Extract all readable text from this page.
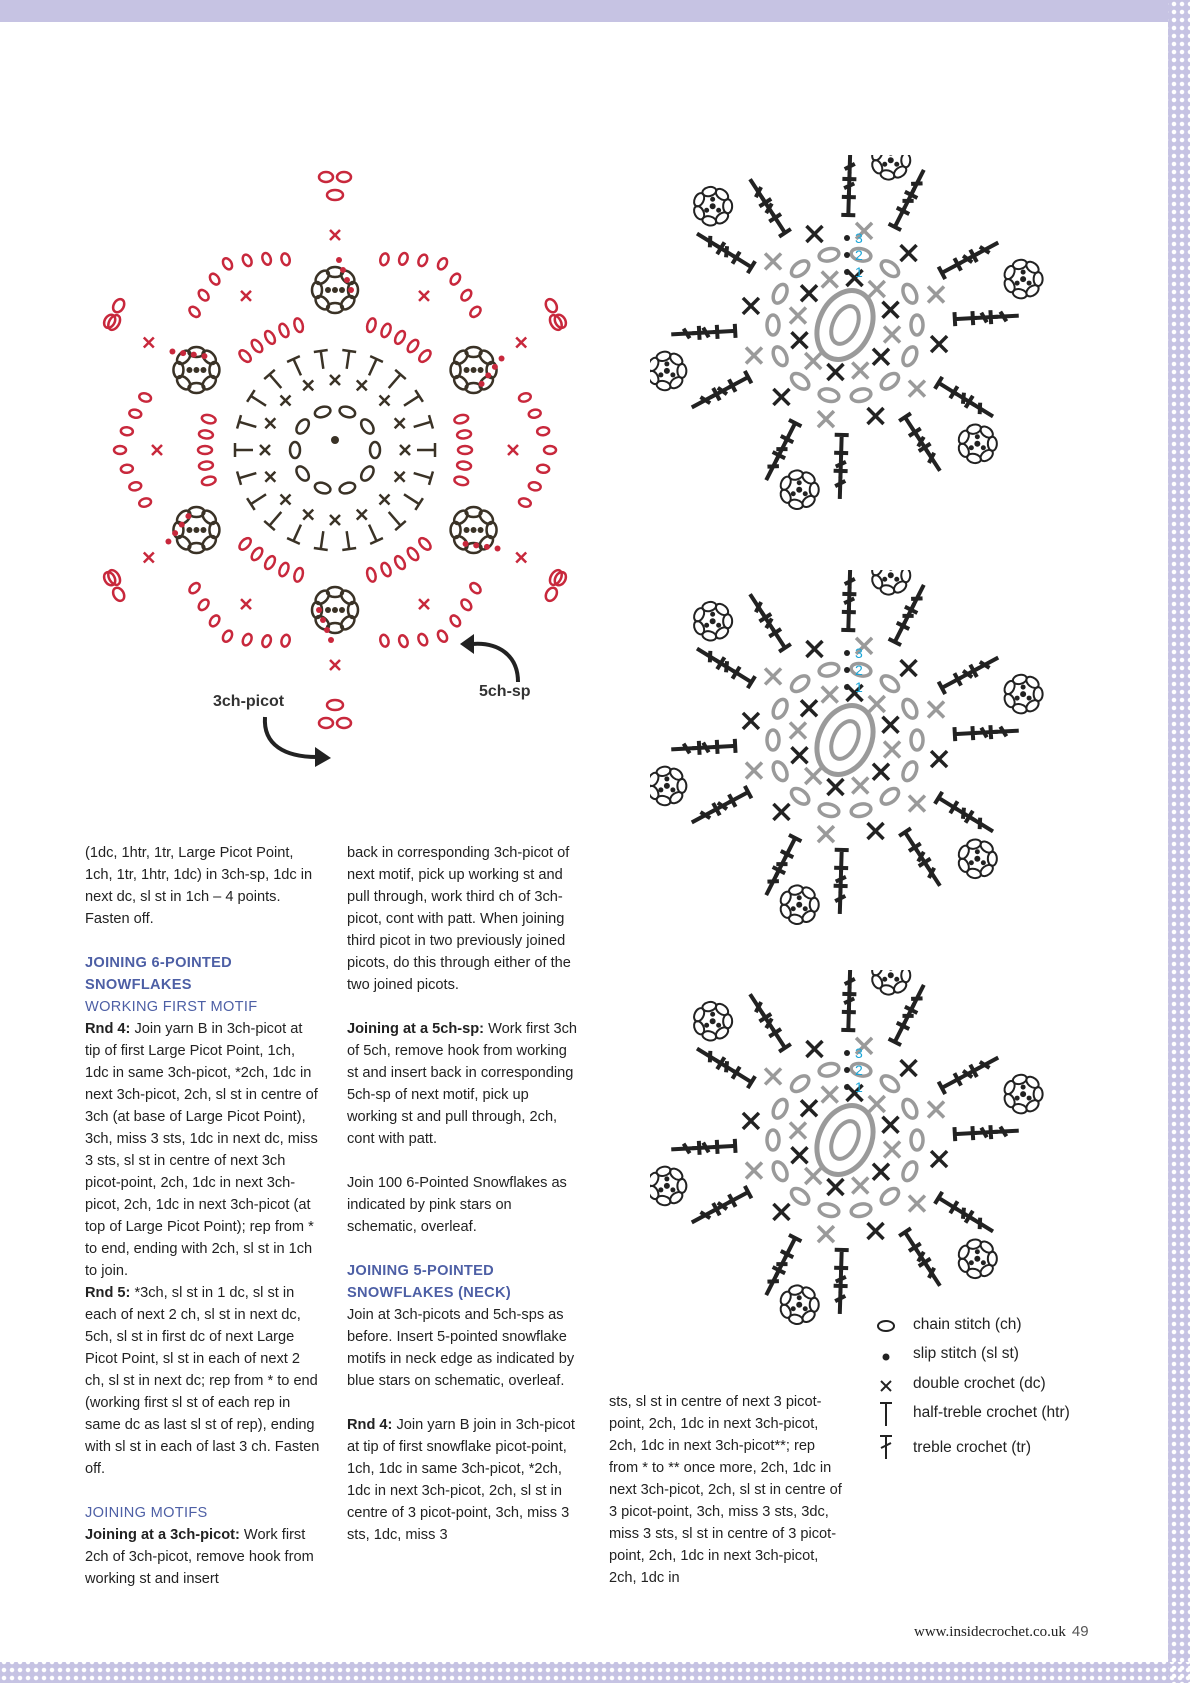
3ch-picot
5ch-sp
3
2
1
3
2
1
3
2
1

(1dc, 1htr, 1tr, Large Picot Point, 1ch, 1tr, 1htr, 1dc) in 3ch-sp, 1dc in next dc, sl st in 1ch – 4 points. Fasten off.

JOINING 6-POINTED SNOWFLAKES

WORKING FIRST MOTIF

Rnd 4: Join yarn B in 3ch-picot at tip of first Large Picot Point, 1ch, 1dc in same 3ch-picot, *2ch, 1dc in next 3ch-picot, 2ch, sl st in centre of 3ch (at base of Large Picot Point), 3ch, miss 3 sts, 1dc in next dc, miss 3 sts, sl st in centre of next 3ch picot-point, 2ch, 1dc in next 3ch-picot, 2ch, 1dc in next 3ch-picot (at top of Large Picot Point); rep from * to end, ending with 2ch, sl st in 1ch to join.

Rnd 5: *3ch, sl st in 1 dc, sl st in each of next 2 ch, sl st in next dc, 5ch, sl st in first dc of next Large Picot Point, sl st in each of next 2 ch, sl st in next dc; rep from * to end (working first sl st of each rep in same dc as last sl st of rep), ending with sl st in each of last 3 ch. Fasten off.

JOINING MOTIFS

Joining at a 3ch-picot: Work first 2ch of 3ch-picot, remove hook from working st and insert

back in corresponding 3ch-picot of next motif, pick up working st and pull through, work third ch of 3ch-picot, cont with patt. When joining third picot in two previously joined picots, do this through either of the two joined picots.

Joining at a 5ch-sp: Work first 3ch of 5ch, remove hook from working st and insert back in corresponding 5ch-sp of next motif, pick up working st and pull through, 2ch, cont with patt.

Join 100 6-Pointed Snowflakes as indicated by pink stars on schematic, overleaf.

JOINING 5-POINTED SNOWFLAKES (NECK)

Join at 3ch-picots and 5ch-sps as before. Insert 5-pointed snowflake motifs in neck edge as indicated by blue stars on schematic, overleaf.

Rnd 4: Join yarn B join in 3ch-picot at tip of first snowflake picot-point, 1ch, 1dc in same 3ch-picot, *2ch, 1dc in next 3ch-picot, 2ch, sl st in centre of 3 picot-point, 3ch, miss 3 sts, 1dc, miss 3

sts, sl st in centre of next 3 picot-point, 2ch, 1dc in next 3ch-picot, 2ch, 1dc in next 3ch-picot**; rep from * to ** once more, 2ch, 1dc in next 3ch-picot, 2ch, sl st in centre of 3 picot-point, 3ch, miss 3 sts, 3dc, miss 3 sts, sl st in centre of 3 picot-point, 2ch, 1dc in next 3ch-picot, 2ch, 1dc in

chain stitch (ch)
slip stitch (sl st)
double crochet (dc)
half-treble crochet (htr)
treble crochet (tr)
www.insidecrochet.co.uk 49
